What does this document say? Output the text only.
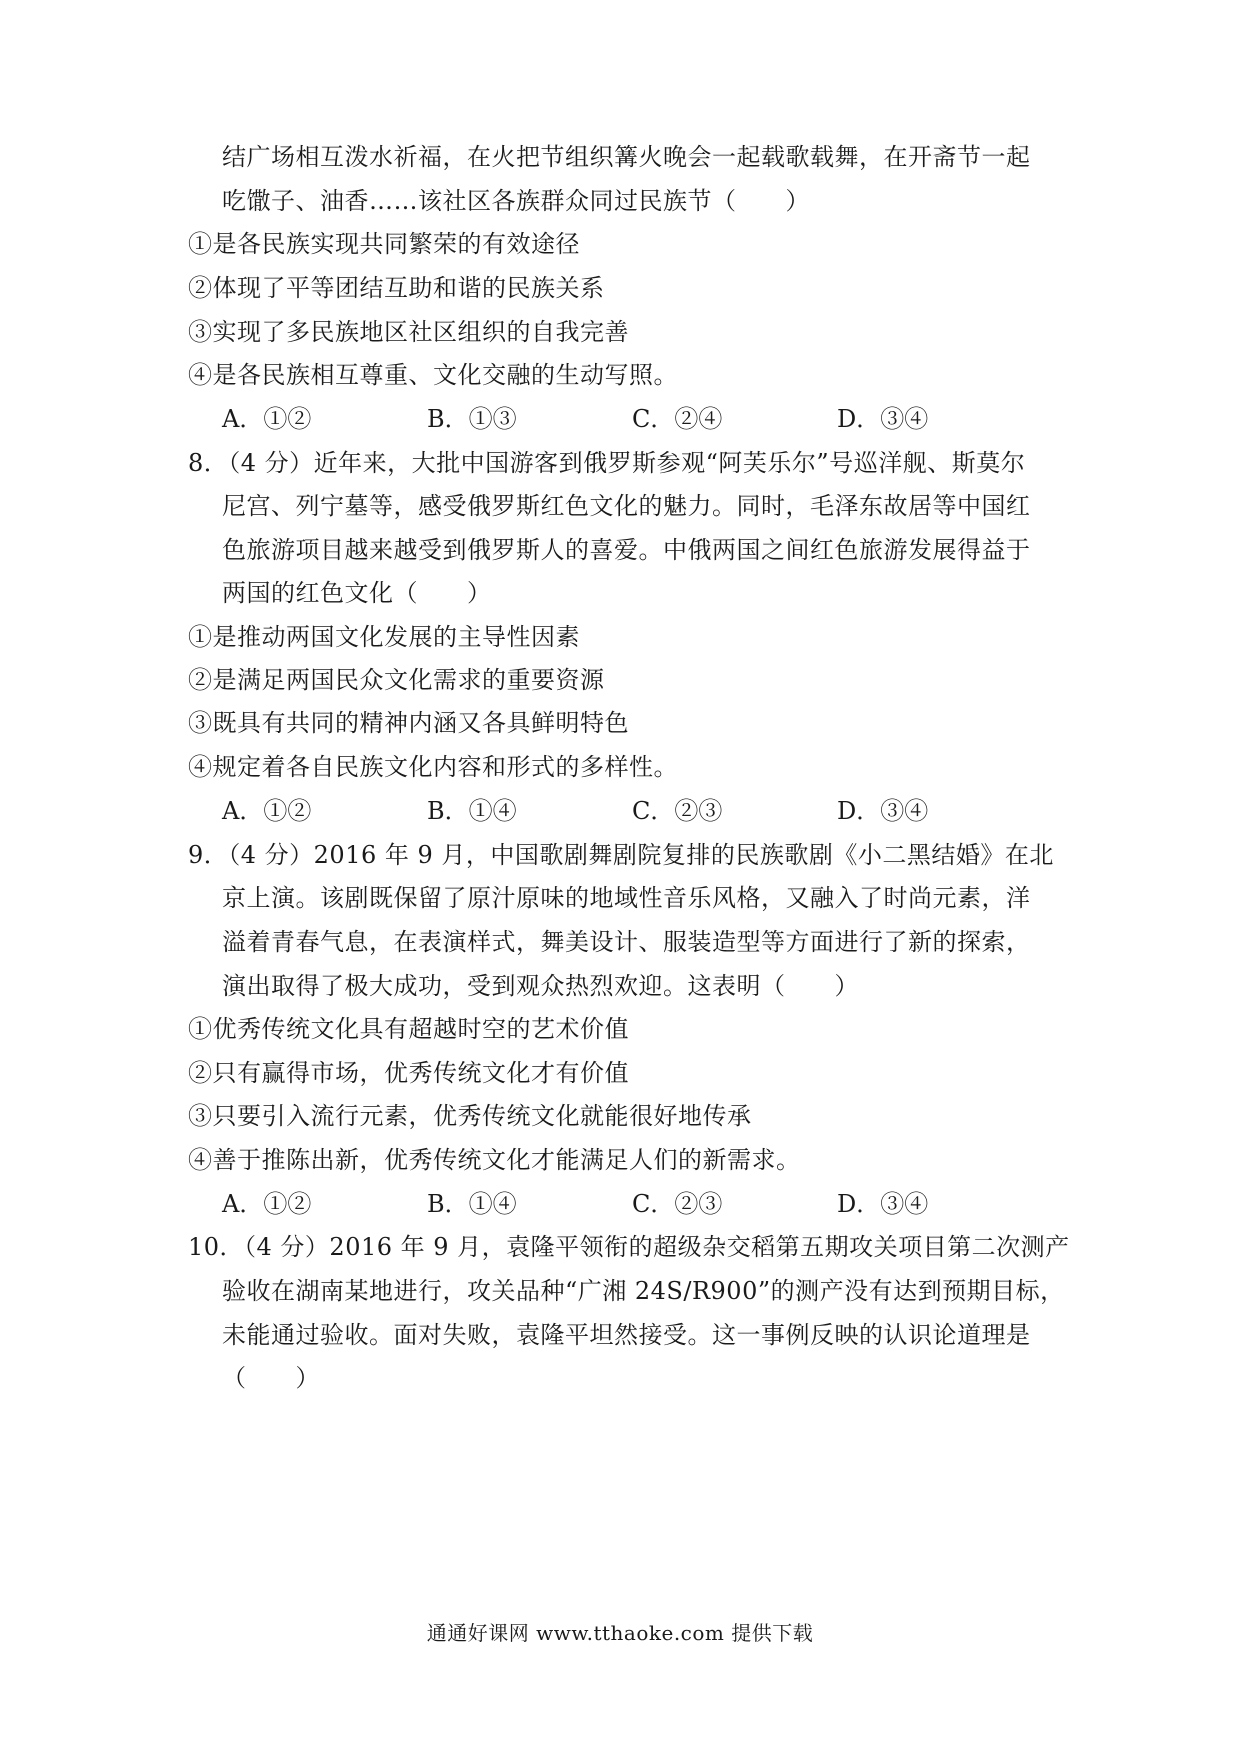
结广场相互泼水祈福，在火把节组织篝火晚会一起载歌载舞，在开斋节一起
吃馓子、油香……该社区各族群众同过民族节（　　）
①是各民族实现共同繁荣的有效途径
②体现了平等团结互助和谐的民族关系
③实现了多民族地区社区组织的自我完善
④是各民族相互尊重、文化交融的生动写照。
A．①②	B．①③	C．②④	D．③④
8．（4 分）近年来，大批中国游客到俄罗斯参观“阿芙乐尔”号巡洋舰、斯莫尔
尼宫、列宁墓等，感受俄罗斯红色文化的魅力。同时，毛泽东故居等中国红
色旅游项目越来越受到俄罗斯人的喜爱。中俄两国之间红色旅游发展得益于
两国的红色文化（　　）
①是推动两国文化发展的主导性因素
②是满足两国民众文化需求的重要资源
③既具有共同的精神内涵又各具鲜明特色
④规定着各自民族文化内容和形式的多样性。
A．①②	B．①④	C．②③	D．③④
9．（4 分）2016 年 9 月，中国歌剧舞剧院复排的民族歌剧《小二黑结婚》在北
京上演。该剧既保留了原汁原味的地域性音乐风格，又融入了时尚元素，洋
溢着青春气息，在表演样式，舞美设计、服装造型等方面进行了新的探索，
演出取得了极大成功，受到观众热烈欢迎。这表明（　　）
①优秀传统文化具有超越时空的艺术价值
②只有赢得市场，优秀传统文化才有价值
③只要引入流行元素，优秀传统文化就能很好地传承
④善于推陈出新，优秀传统文化才能满足人们的新需求。
A．①②	B．①④	C．②③	D．③④
10．（4 分）2016 年 9 月，袁隆平领衔的超级杂交稻第五期攻关项目第二次测产
验收在湖南某地进行，攻关品种“广湘 24S/R900”的测产没有达到预期目标，
未能通过验收。面对失败，袁隆平坦然接受。这一事例反映的认识论道理是
（　　）
通通好课网 www.tthaoke.com 提供下载
